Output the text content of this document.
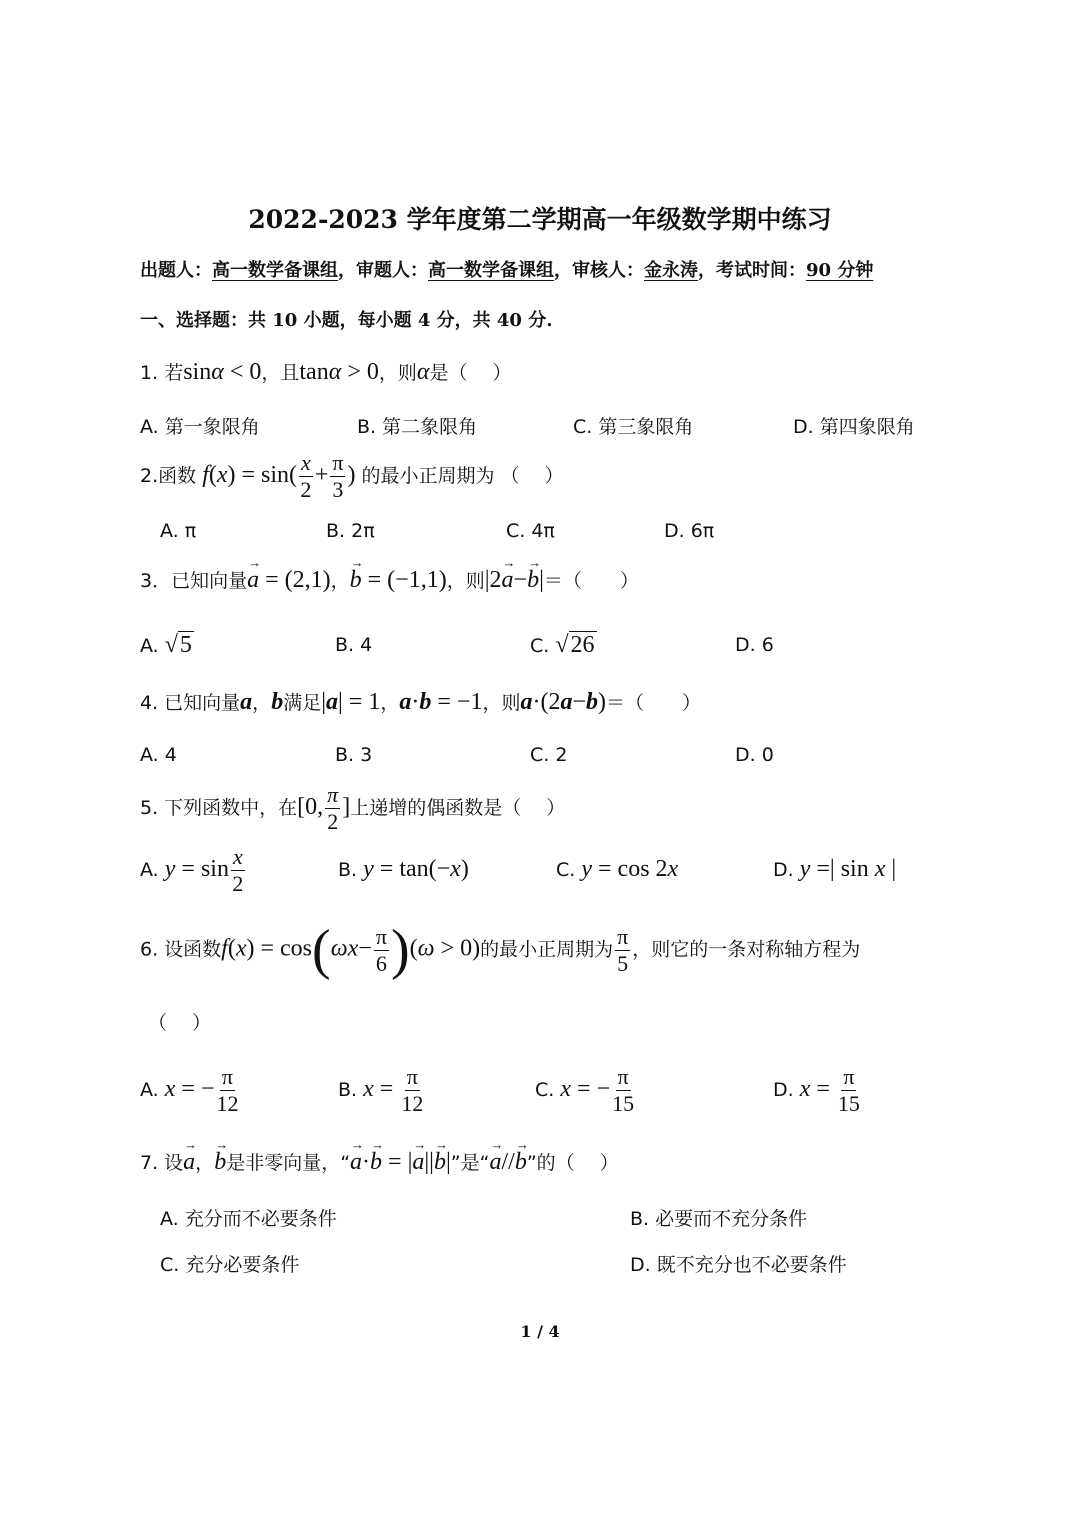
2022-2023 学年度第二学期高一年级数学期中练习
出题人：高一数学备课组，审题人：高一数学备课组，审核人：金永涛，考试时间：90 分钟
一、选择题：共 10 小题，每小题 4 分，共 40 分.
1. 若sinα < 0，且tanα > 0，则α是（　 ）
A. 第一象限角	B. 第二象限角	C. 第三象限角	D. 第四象限角
2.函数 $f(x) = \sin( \frac{x}{2} + \frac{\pi}{3}$ ) 的最小正周期为 （　 ）
A. π	B. 2π	C. 4π	D. 6π
3．已知向量→ a = (2,1)，→ b = (−1,1)，则|2→ a−→ b|＝（　　）
A. √5	B. 4	C. √26	D. 6
4. 已知向量a，b满足|a| = 1，a·b = −1，则a·(2a−b)＝（　　）
A. 4	B. 3	C. 2	D. 0
5. 下列函数中，在[0, $\frac{\pi}{2}$ ]上递增的偶函数是（　 ）
A. $y = \sin \frac{x}{2}$	B. y = tan(−x)	C. y = cos 2x	D. y =| sin x |
6. 设函数$f(x) = \cos(\omega x- \frac{\pi}{6} )(\omega > 0)$的最小正周期为 $\frac{\pi}{5}$ ，则它的一条对称轴方程为
（　 ）
A. x = − $\frac{\pi}{12}$	B. $x = \frac{\pi}{12}$	C. x = − $\frac{\pi}{15}$	D. $x = \frac{\pi}{15}$
7. 设→ a，→ b是非零向量，“→ a·→ b = |→ a||→ b|”是“→ a//→ b”的（　 ）
A. 充分而不必要条件	B. 必要而不充分条件
C. 充分必要条件	D. 既不充分也不必要条件
1 / 4
